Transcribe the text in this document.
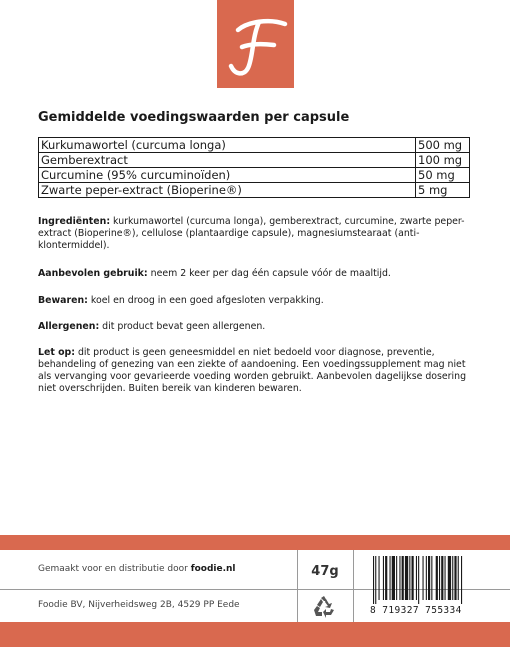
Gemiddelde voedingswaarden per capsule
Kurkumawortel (curcuma longa)	500 mg
Gemberextract	100 mg
Curcumine (95% curcuminoïden)	50 mg
Zwarte peper-extract (Bioperine®)	5 mg

Ingrediënten: kurkumawortel (curcuma longa), gemberextract, curcumine, zwarte peper-extract (Bioperine®), cellulose (plantaardige capsule), magnesiumstearaat (anti-klontermiddel).

Aanbevolen gebruik: neem 2 keer per dag één capsule vóór de maaltijd.

Bewaren: koel en droog in een goed afgesloten verpakking.

Allergenen: dit product bevat geen allergenen.

Let op: dit product is geen geneesmiddel en niet bedoeld voor diagnose, preventie, behandeling of genezing van een ziekte of aandoening. Een voedingssupplement mag niet als vervanging voor gevarieerde voeding worden gebruikt. Aanbevolen dagelijkse dosering niet overschrijden. Buiten bereik van kinderen bewaren.

Gemaakt voor en distributie door foodie.nl	47g
Foodie BV, Nijverheidsweg 2B, 4529 PP Eede	8 719327 755334
